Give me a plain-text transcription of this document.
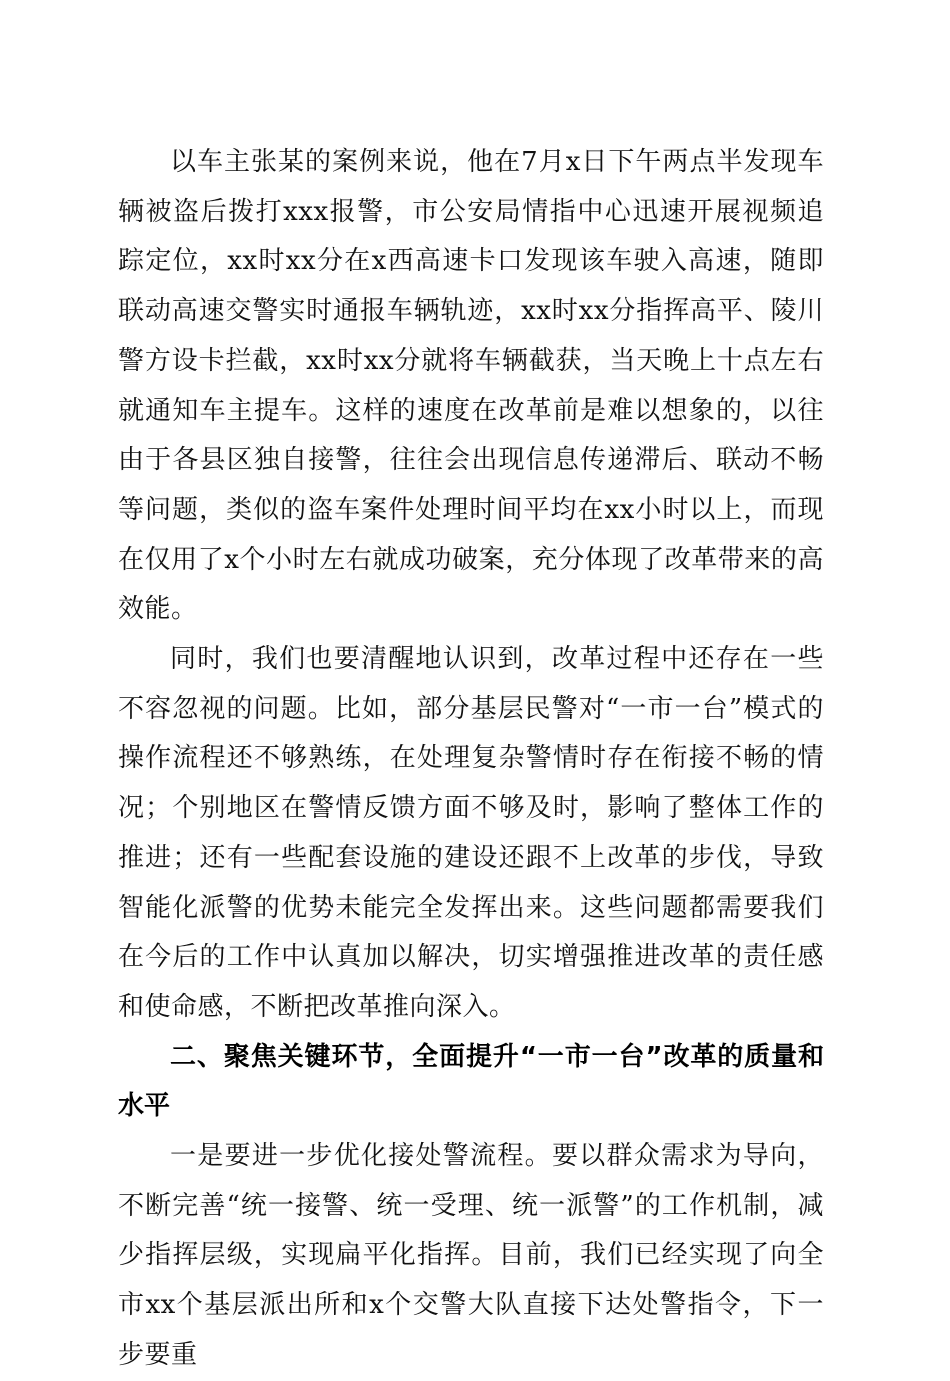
以车主张某的案例来说，他在7月x日下午两点半发现车辆被盗后拨打xxx报警，市公安局情指中心迅速开展视频追踪定位，xx时xx分在x西高速卡口发现该车驶入高速，随即联动高速交警实时通报车辆轨迹，xx时xx分指挥高平、陵川警方设卡拦截，xx时xx分就将车辆截获，当天晚上十点左右就通知车主提车。这样的速度在改革前是难以想象的，以往由于各县区独自接警，往往会出现信息传递滞后、联动不畅等问题，类似的盗车案件处理时间平均在xx小时以上，而现在仅用了x个小时左右就成功破案，充分体现了改革带来的高效能。

同时，我们也要清醒地认识到，改革过程中还存在一些不容忽视的问题。比如，部分基层民警对“一市一台”模式的操作流程还不够熟练，在处理复杂警情时存在衔接不畅的情况；个别地区在警情反馈方面不够及时，影响了整体工作的推进；还有一些配套设施的建设还跟不上改革的步伐，导致智能化派警的优势未能完全发挥出来。这些问题都需要我们在今后的工作中认真加以解决，切实增强推进改革的责任感和使命感，不断把改革推向深入。

二、聚焦关键环节，全面提升“一市一台”改革的质量和水平

一是要进一步优化接处警流程。要以群众需求为导向，不断完善“统一接警、统一受理、统一派警”的工作机制，减少指挥层级，实现扁平化指挥。目前，我们已经实现了向全市xx个基层派出所和x个交警大队直接下达处警指令，下一步要重
